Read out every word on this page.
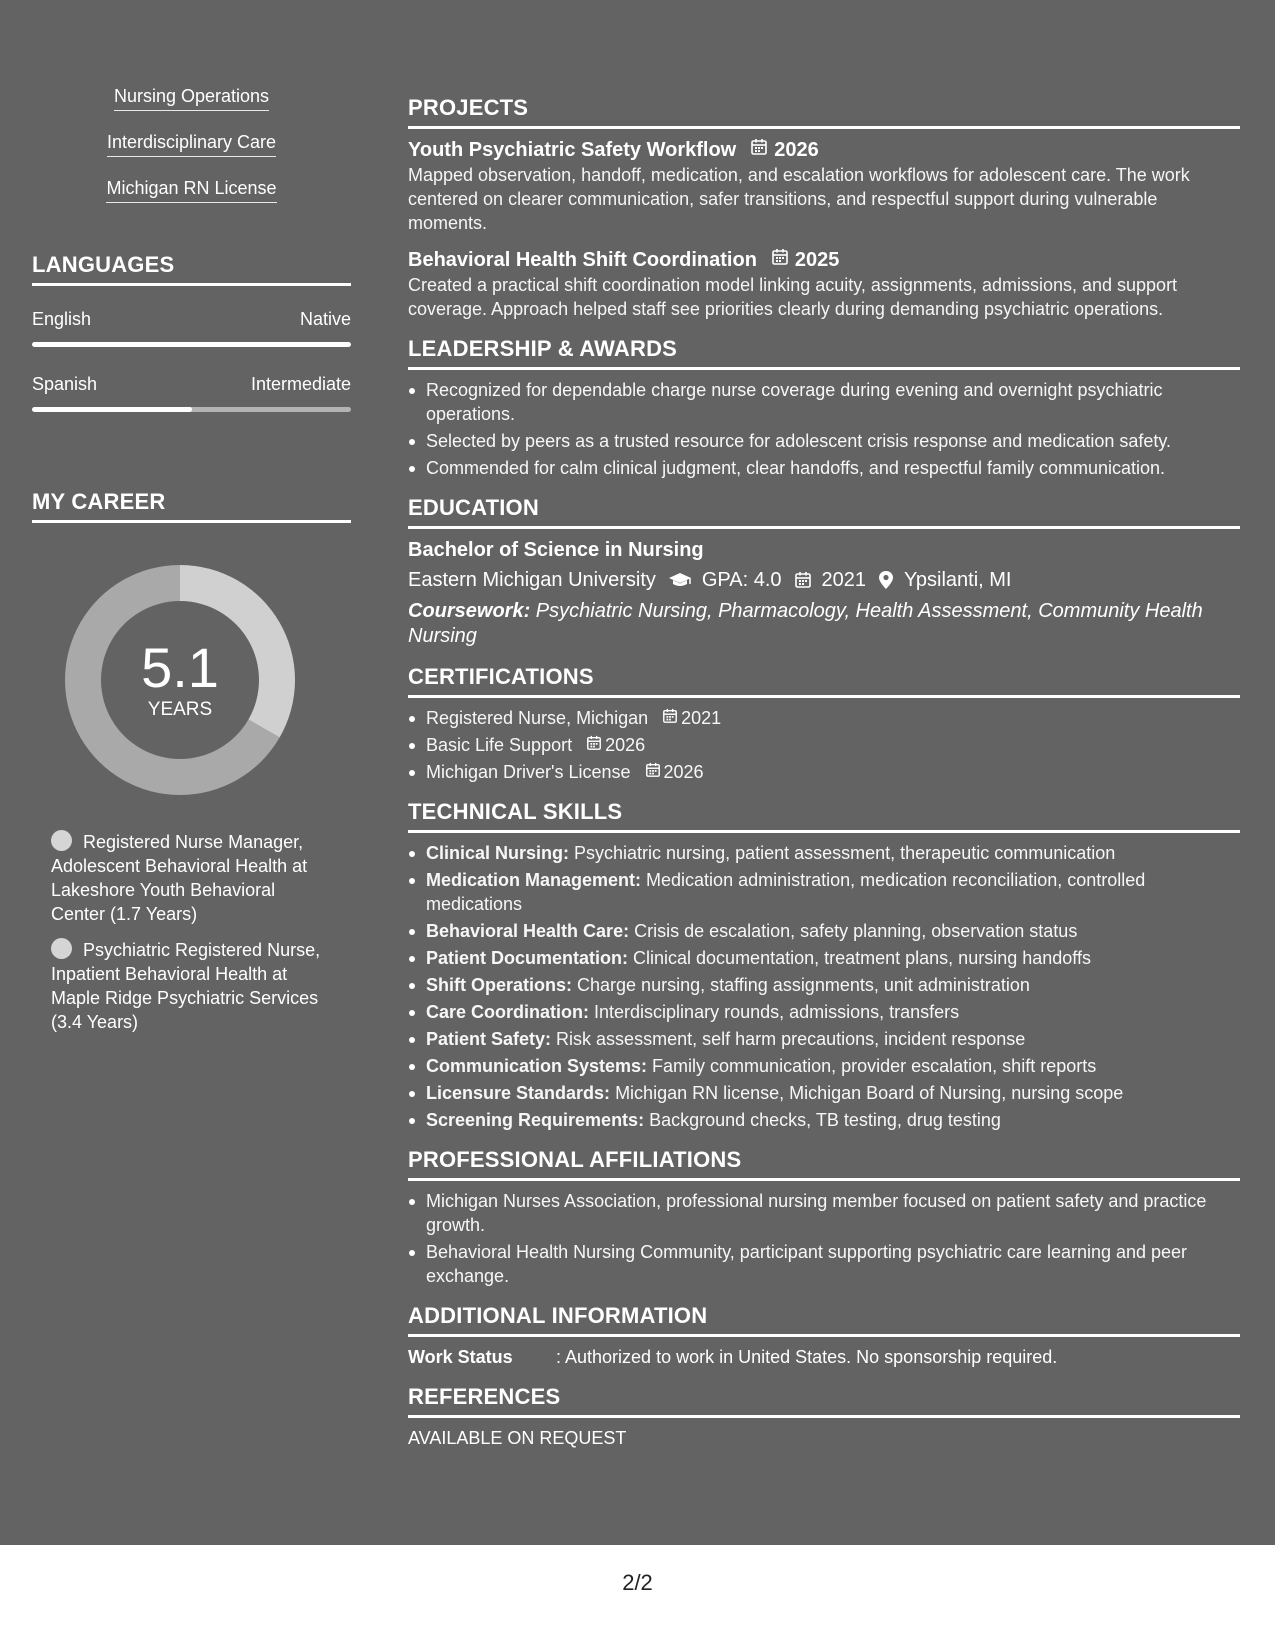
Nursing Operations
Interdisciplinary Care
Michigan RN License
LANGUAGES
English	Native
Spanish	Intermediate
MY CAREER
5.1
YEARS
Registered Nurse Manager, Adolescent Behavioral Health at Lakeshore Youth Behavioral Center (1.7 Years)
Psychiatric Registered Nurse, Inpatient Behavioral Health at Maple Ridge Psychiatric Services (3.4 Years)
PROJECTS
Youth Psychiatric Safety Workflow 2026

Mapped observation, handoff, medication, and escalation workflows for adolescent care. The work centered on clearer communication, safer transitions, and respectful support during vulnerable moments.

Behavioral Health Shift Coordination 2025

Created a practical shift coordination model linking acuity, assignments, admissions, and support coverage. Approach helped staff see priorities clearly during demanding psychiatric operations.

LEADERSHIP & AWARDS
Recognized for dependable charge nurse coverage during evening and overnight psychiatric operations.
Selected by peers as a trusted resource for adolescent crisis response and medication safety.
Commended for calm clinical judgment, clear handoffs, and respectful family communication.
EDUCATION
Bachelor of Science in Nursing
Eastern Michigan University GPA: 4.0 2021 Ypsilanti, MI
Coursework: Psychiatric Nursing, Pharmacology, Health Assessment, Community Health Nursing
CERTIFICATIONS
Registered Nurse, Michigan 2021
Basic Life Support 2026
Michigan Driver's License 2026
TECHNICAL SKILLS
Clinical Nursing: Psychiatric nursing, patient assessment, therapeutic communication
Medication Management: Medication administration, medication reconciliation, controlled medications
Behavioral Health Care: Crisis de escalation, safety planning, observation status
Patient Documentation: Clinical documentation, treatment plans, nursing handoffs
Shift Operations: Charge nursing, staffing assignments, unit administration
Care Coordination: Interdisciplinary rounds, admissions, transfers
Patient Safety: Risk assessment, self harm precautions, incident response
Communication Systems: Family communication, provider escalation, shift reports
Licensure Standards: Michigan RN license, Michigan Board of Nursing, nursing scope
Screening Requirements: Background checks, TB testing, drug testing
PROFESSIONAL AFFILIATIONS
Michigan Nurses Association, professional nursing member focused on patient safety and practice growth.
Behavioral Health Nursing Community, participant supporting psychiatric care learning and peer exchange.
ADDITIONAL INFORMATION
Work Status	: Authorized to work in United States. No sponsorship required.
REFERENCES
AVAILABLE ON REQUEST
2/2
